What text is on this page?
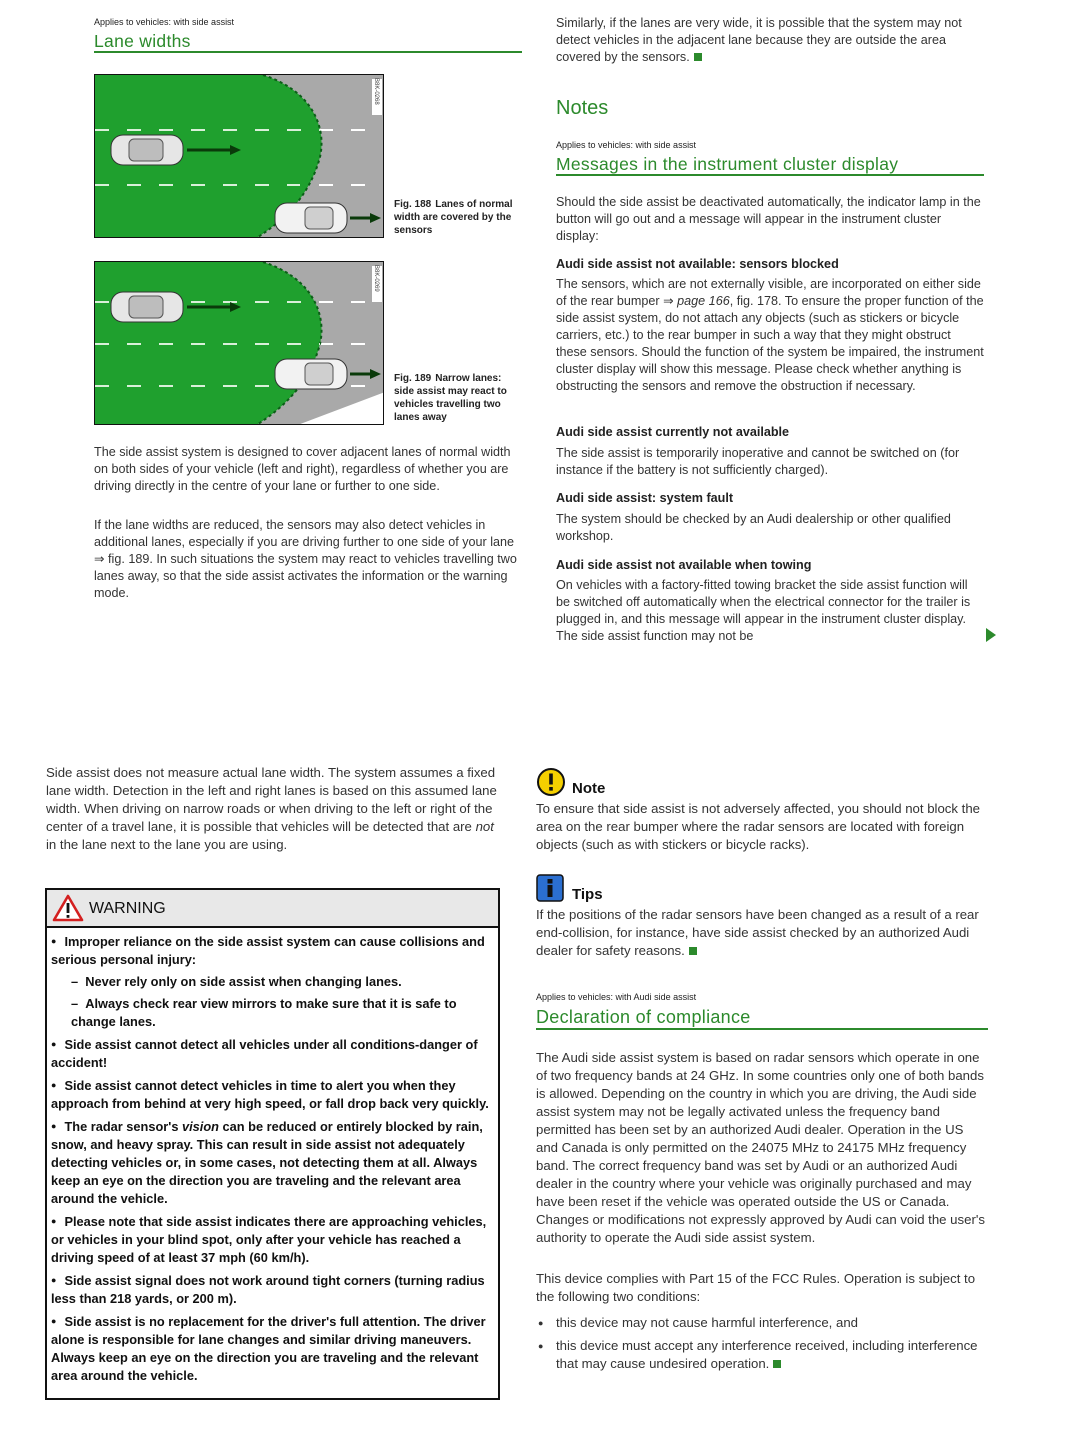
Applies to vehicles: with side assist
Lane widths
B8K-0268
Fig. 188 Lanes of normal width are covered by the sensors
B8K-0269
Fig. 189 Narrow lanes: side assist may react to vehicles travelling two lanes away
The side assist system is designed to cover adjacent lanes of normal width on both sides of your vehicle (left and right), regardless of whether you are driving directly in the centre of your lane or further to one side.
If the lane widths are reduced, the sensors may also detect vehicles in additional lanes, especially if you are driving further to one side of your lane ⇒ fig. 189. In such situations the system may react to vehicles travelling two lanes away, so that the side assist activates the information or the warning mode.
Similarly, if the lanes are very wide, it is possible that the system may not detect vehicles in the adjacent lane because they are outside the area covered by the sensors.
Notes
Applies to vehicles: with side assist
Messages in the instrument cluster display
Should the side assist be deactivated automatically, the indicator lamp in the button will go out and a message will appear in the instrument cluster display:
Audi side assist not available: sensors blocked
The sensors, which are not externally visible, are incorporated on either side of the rear bumper ⇒ page 166, fig. 178. To ensure the proper function of the side assist system, do not attach any objects (such as stickers or bicycle carriers, etc.) to the rear bumper in such a way that they might obstruct these sensors. Should the function of the system be impaired, the instrument cluster display will show this message. Please check whether anything is obstructing the sensors and remove the obstruction if necessary.
Audi side assist currently not available
The side assist is temporarily inoperative and cannot be switched on (for instance if the battery is not sufficiently charged).
Audi side assist: system fault
The system should be checked by an Audi dealership or other qualified workshop.
Audi side assist not available when towing
On vehicles with a factory-fitted towing bracket the side assist function will be switched off automatically when the electrical connector for the trailer is plugged in, and this message will appear in the instrument cluster display. The side assist function may not be
Side assist does not measure actual lane width. The system assumes a fixed lane width. Detection in the left and right lanes is based on this assumed lane width. When driving on narrow roads or when driving to the left or right of the center of a travel lane, it is possible that vehicles will be detected that are not in the lane next to the lane you are using.
WARNING

● Improper reliance on the side assist system can cause collisions and serious personal injury:

–  Never rely only on side assist when changing lanes.

–  Always check rear view mirrors to make sure that it is safe to change lanes.

● Side assist cannot detect all vehicles under all conditions-danger of accident!

● Side assist cannot detect vehicles in time to alert you when they approach from behind at very high speed, or fall drop back very quickly.

● The radar sensor's vision can be reduced or entirely blocked by rain, snow, and heavy spray. This can result in side assist not adequately detecting vehicles or, in some cases, not detecting them at all. Always keep an eye on the direction you are traveling and the relevant area around the vehicle.

● Please note that side assist indicates there are approaching vehicles, or vehicles in your blind spot, only after your vehicle has reached a driving speed of at least 37 mph (60 km/h).

● Side assist signal does not work around tight corners (turning radius less than 218 yards, or 200 m).

● Side assist is no replacement for the driver's full attention. The driver alone is responsible for lane changes and similar driving maneuvers. Always keep an eye on the direction you are traveling and the relevant area around the vehicle.

Note
To ensure that side assist is not adversely affected, you should not block the area on the rear bumper where the radar sensors are located with foreign objects (such as with stickers or bicycle racks).
Tips
If the positions of the radar sensors have been changed as a result of a rear end-collision, for instance, have side assist checked by an authorized Audi dealer for safety reasons.
Applies to vehicles: with Audi side assist
Declaration of compliance
The Audi side assist system is based on radar sensors which operate in one of two frequency bands at 24 GHz. In some countries only one of both bands is allowed. Depending on the country in which you are driving, the Audi side assist system may not be legally activated unless the frequency band permitted has been set by an authorized Audi dealer. Operation in the US and Canada is only permitted on the 24075 MHz to 24175 MHz frequency band. The correct frequency band was set by Audi or an authorized Audi dealer in the country where your vehicle was originally purchased and may have been reset if the vehicle was operated outside the US or Canada. Changes or modifications not expressly approved by Audi can void the user's authority to operate the Audi side assist system.
This device complies with Part 15 of the FCC Rules. Operation is subject to the following two conditions:
● this device may not cause harmful interference, and
● this device must accept any interference received, including interference that may cause undesired operation.
